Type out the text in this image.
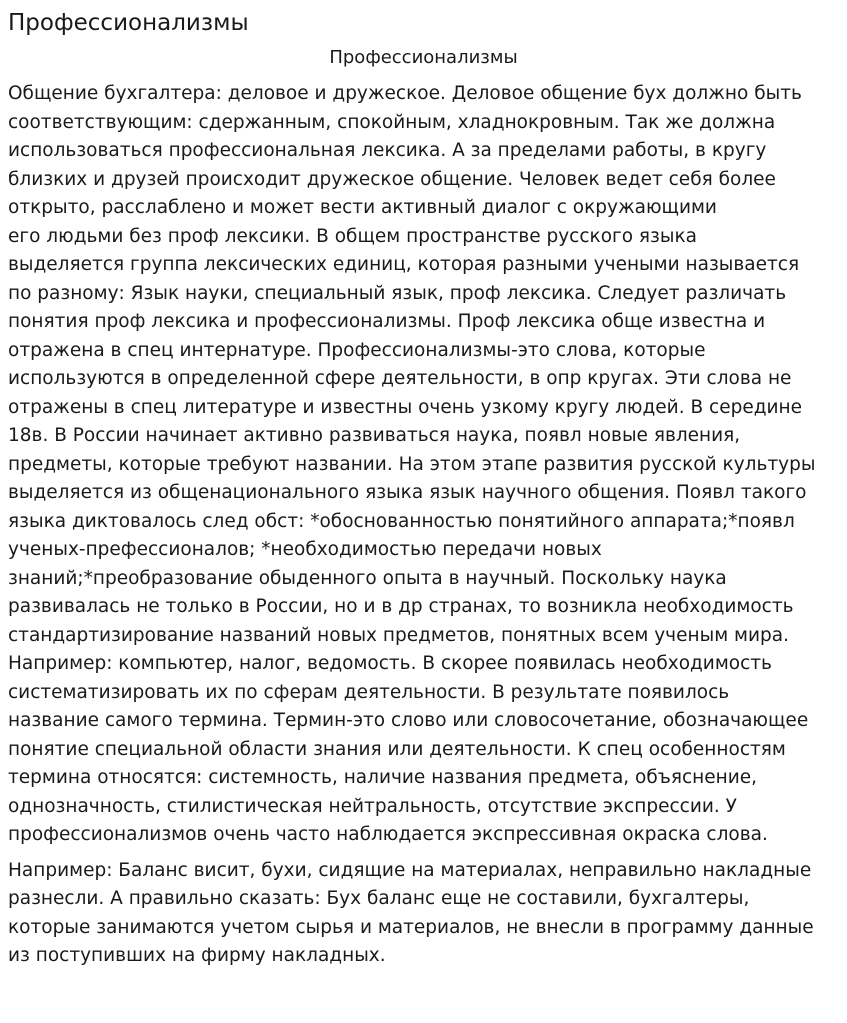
Профессионализмы
Профессионализмы

Общение бухгалтера: деловое и дружеское. Деловое общение бух должно быть
соответствующим: сдержанным, спокойным, хладнокровным. Так же должна
использоваться профессиональная лексика. А за пределами работы, в кругу
близких и друзей происходит дружеское общение. Человек ведет себя более
открыто, расслаблено и может вести активный диалог с окружающими
его людьми без проф лексики. В общем пространстве русского языка
выделяется группа лексических единиц, которая разными учеными называется
по разному: Язык науки, специальный язык, проф лексика. Следует различать
понятия проф лексика и профессионализмы. Проф лексика обще известна и
отражена в спец интернатуре. Профессионализмы-это слова, которые
используются в определенной сфере деятельности, в опр кругах. Эти слова не
отражены в спец литературе и известны очень узкому кругу людей. В середине
18в. В России начинает активно развиваться наука, появл новые явления,
предметы, которые требуют названии. На этом этапе развития русской культуры
выделяется из общенационального языка язык научного общения. Появл такого
языка диктовалось след обст: *обоснованностью понятийного аппарата;*появл
ученых-префессионалов; *необходимостью передачи новых
знаний;*преобразование обыденного опыта в научный. Поскольку наука
развивалась не только в России, но и в др странах, то возникла необходимость
стандартизирование названий новых предметов, понятных всем ученым мира.
Например: компьютер, налог, ведомость. В скорее появилась необходимость
систематизировать их по сферам деятельности. В результате появилось
название самого термина. Термин-это слово или словосочетание, обозначающее
понятие специальной области знания или деятельности. К спец особенностям
термина относятся: системность, наличие названия предмета, объяснение,
однозначность, стилистическая нейтральность, отсутствие экспрессии. У
профессионализмов очень часто наблюдается экспрессивная окраска слова.

Например: Баланс висит, бухи, сидящие на материалах, неправильно накладные
разнесли. А правильно сказать: Бух баланс еще не составили, бухгалтеры,
которые занимаются учетом сырья и материалов, не внесли в программу данные
из поступивших на фирму накладных.
